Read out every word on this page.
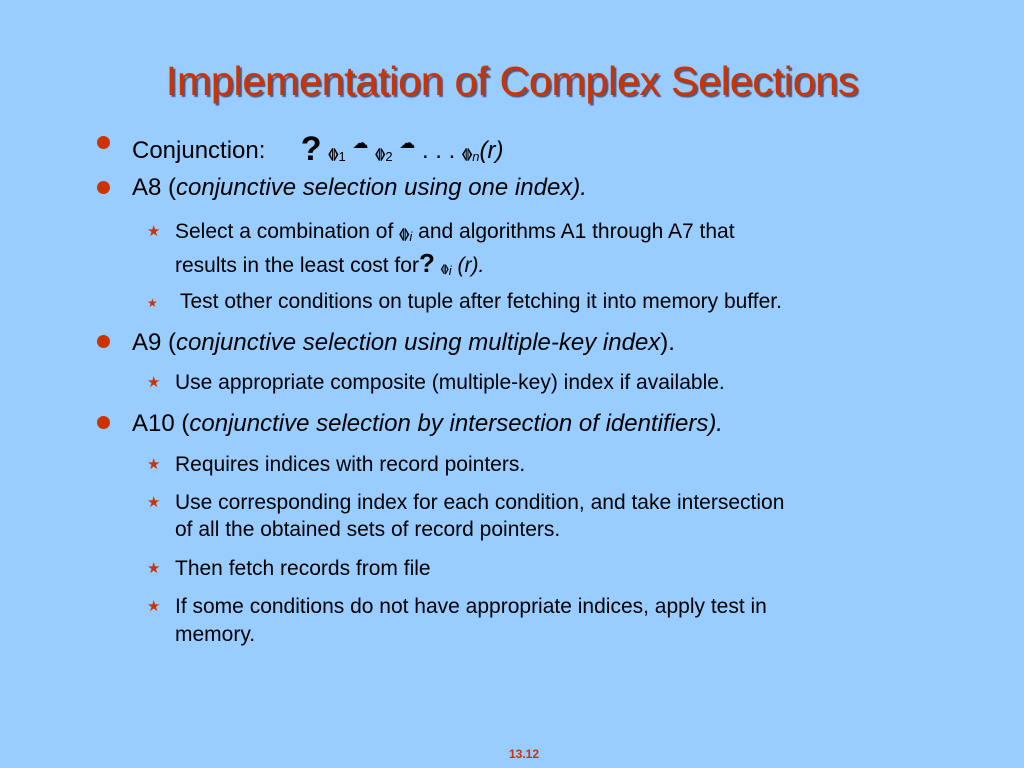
Implementation of Complex Selections
Conjunction: ? $⦉⦊_1$ ☁ $⦉⦊_2$ ☁ . . . $⦉⦊_n(r)$
A8 (conjunctive selection using one index).
★ Select a combination of $⦉⦊_i$ and algorithms A1 through A7 that
results in the least cost for? $⦉⦊_i$ (r).
★ Test other conditions on tuple after fetching it into memory buffer.
A9 (conjunctive selection using multiple-key index).
★ Use appropriate composite (multiple-key) index if available.
A10 (conjunctive selection by intersection of identifiers).
★ Requires indices with record pointers.
★ Use corresponding index for each condition, and take intersection
of all the obtained sets of record pointers.
★ Then fetch records from file
★ If some conditions do not have appropriate indices, apply test in
memory.
13.12
